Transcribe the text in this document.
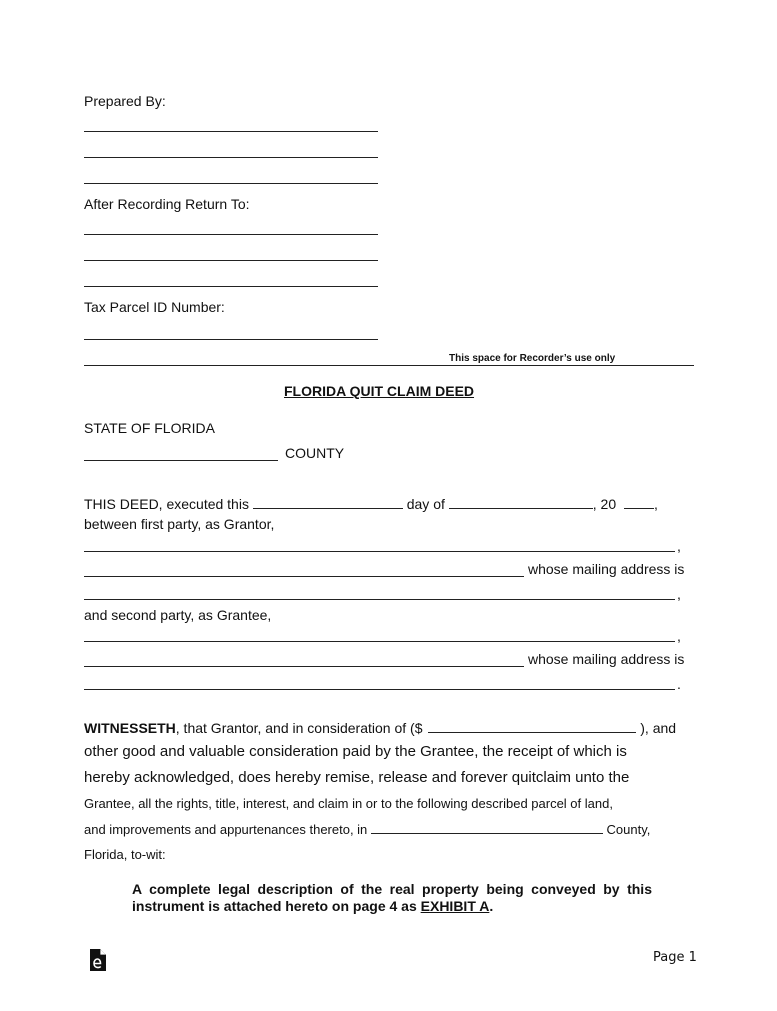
Prepared By:
After Recording Return To:
Tax Parcel ID Number:
This space for Recorder’s use only
FLORIDA QUIT CLAIM DEED
STATE OF FLORIDA
COUNTY
THIS DEED, executed this	day of	, 20	,
between first party, as Grantor,
,
whose mailing address is
,
and second party, as Grantee,
,
whose mailing address is
.
WITNESSETH, that Grantor, and in consideration of ($	), and
other good and valuable consideration paid by the Grantee, the receipt of which is
hereby acknowledged, does hereby remise, release and forever quitclaim unto the
Grantee, all the rights, title, interest, and claim in or to the following described parcel of land,
and improvements and appurtenances thereto, in	County,
Florida, to-wit:
A complete legal description of the real property being conveyed by this instrument is attached hereto on page 4 as EXHIBIT A.
Page 1
